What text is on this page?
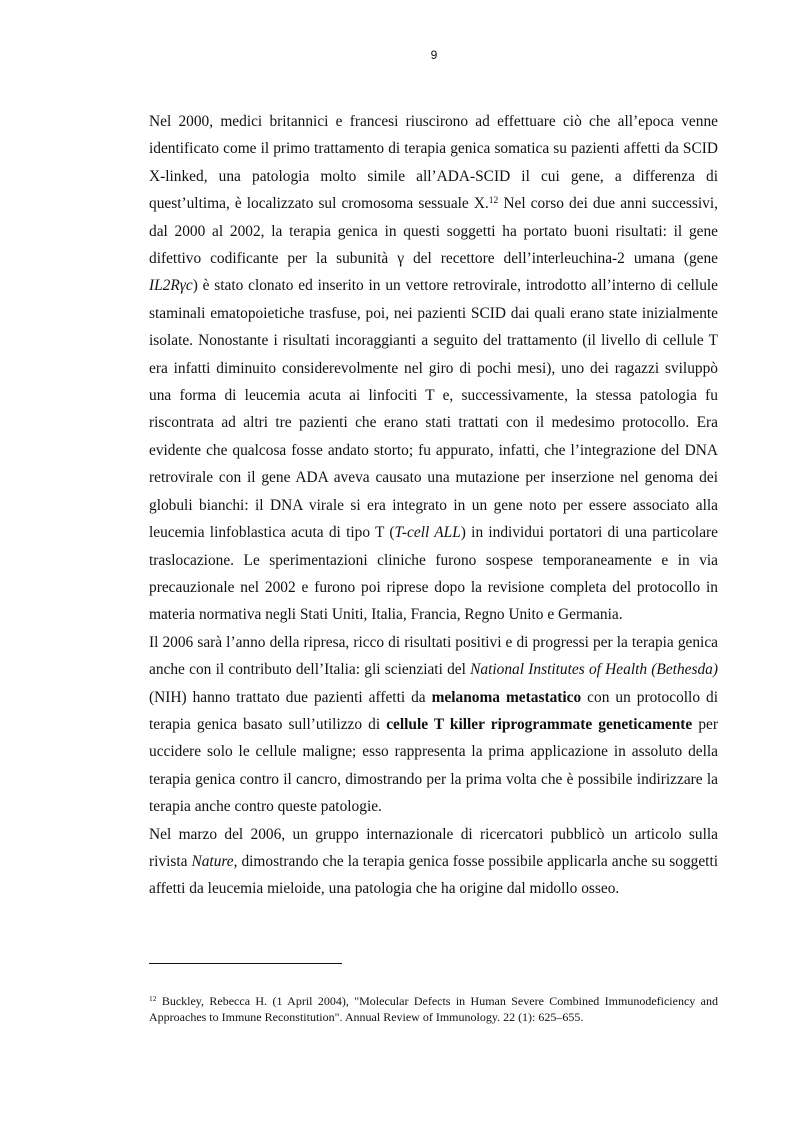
9

Nel 2000, medici britannici e francesi riuscirono ad effettuare ciò che all’epoca venne identificato come il primo trattamento di terapia genica somatica su pazienti affetti da SCID X-linked, una patologia molto simile all’ADA-SCID il cui gene, a differenza di quest’ultima, è localizzato sul cromosoma sessuale X.$^{12}$ Nel corso dei due anni successivi, dal 2000 al 2002, la terapia genica in questi soggetti ha portato buoni risultati: il gene difettivo codificante per la subunità γ del recettore dell’interleuchina-2 umana (gene IL2Rγc) è stato clonato ed inserito in un vettore retrovirale, introdotto all’interno di cellule staminali ematopoietiche trasfuse, poi, nei pazienti SCID dai quali erano state inizialmente isolate. Nonostante i risultati incoraggianti a seguito del trattamento (il livello di cellule T era infatti diminuito considerevolmente nel giro di pochi mesi), uno dei ragazzi sviluppò una forma di leucemia acuta ai linfociti T e, successivamente, la stessa patologia fu riscontrata ad altri tre pazienti che erano stati trattati con il medesimo protocollo. Era evidente che qualcosa fosse andato storto; fu appurato, infatti, che l’integrazione del DNA retrovirale con il gene ADA aveva causato una mutazione per inserzione nel genoma dei globuli bianchi: il DNA virale si era integrato in un gene noto per essere associato alla leucemia linfoblastica acuta di tipo T (T-cell ALL) in individui portatori di una particolare traslocazione. Le sperimentazioni cliniche furono sospese temporaneamente e in via precauzionale nel 2002 e furono poi riprese dopo la revisione completa del protocollo in materia normativa negli Stati Uniti, Italia, Francia, Regno Unito e Germania.

Il 2006 sarà l’anno della ripresa, ricco di risultati positivi e di progressi per la terapia genica anche con il contributo dell’Italia: gli scienziati del National Institutes of Health (Bethesda) (NIH) hanno trattato due pazienti affetti da melanoma metastatico con un protocollo di terapia genica basato sull’utilizzo di cellule T killer riprogrammate geneticamente per uccidere solo le cellule maligne; esso rappresenta la prima applicazione in assoluto della terapia genica contro il cancro, dimostrando per la prima volta che è possibile indirizzare la terapia anche contro queste patologie.

Nel marzo del 2006, un gruppo internazionale di ricercatori pubblicò un articolo sulla rivista Nature, dimostrando che la terapia genica fosse possibile applicarla anche su soggetti affetti da leucemia mieloide, una patologia che ha origine dal midollo osseo.

$^{12}$ Buckley, Rebecca H. (1 April 2004), "Molecular Defects in Human Severe Combined Immunodeficiency and Approaches to Immune Reconstitution". Annual Review of Immunology. 22 (1): 625–655.
